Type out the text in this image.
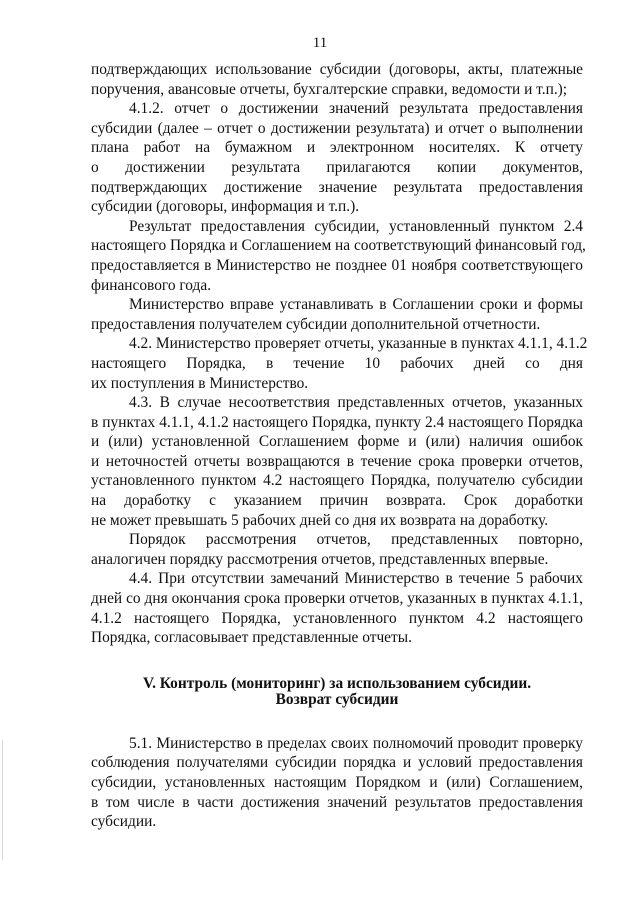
11
подтверждающих использование субсидии (договоры, акты, платежные
поручения, авансовые отчеты, бухгалтерские справки, ведомости и т.п.);
4.1.2. отчет о достижении значений результата предоставления
субсидии (далее – отчет о достижении результата) и отчет о выполнении
плана работ на бумажном и электронном носителях. К отчету
о достижении результата прилагаются копии документов,
подтверждающих достижение значение результата предоставления
субсидии (договоры, информация и т.п.).
Результат предоставления субсидии, установленный пунктом 2.4
настоящего Порядка и Соглашением на соответствующий финансовый год,
предоставляется в Министерство не позднее 01 ноября соответствующего
финансового года.
Министерство вправе устанавливать в Соглашении сроки и формы
предоставления получателем субсидии дополнительной отчетности.
4.2. Министерство проверяет отчеты, указанные в пунктах 4.1.1, 4.1.2
настоящего Порядка, в течение 10 рабочих дней со дня
их поступления в Министерство.
4.3. В случае несоответствия представленных отчетов, указанных
в пунктах 4.1.1, 4.1.2 настоящего Порядка, пункту 2.4 настоящего Порядка
и (или) установленной Соглашением форме и (или) наличия ошибок
и неточностей отчеты возвращаются в течение срока проверки отчетов,
установленного пунктом 4.2 настоящего Порядка, получателю субсидии
на доработку с указанием причин возврата. Срок доработки
не может превышать 5 рабочих дней со дня их возврата на доработку.
Порядок рассмотрения отчетов, представленных повторно,
аналогичен порядку рассмотрения отчетов, представленных впервые.
4.4. При отсутствии замечаний Министерство в течение 5 рабочих
дней со дня окончания срока проверки отчетов, указанных в пунктах 4.1.1,
4.1.2 настоящего Порядка, установленного пунктом 4.2 настоящего
Порядка, согласовывает представленные отчеты.
V. Контроль (мониторинг) за использованием субсидии.
Возврат субсидии
5.1. Министерство в пределах своих полномочий проводит проверку
соблюдения получателями субсидии порядка и условий предоставления
субсидии, установленных настоящим Порядком и (или) Соглашением,
в том числе в части достижения значений результатов предоставления
субсидии.
